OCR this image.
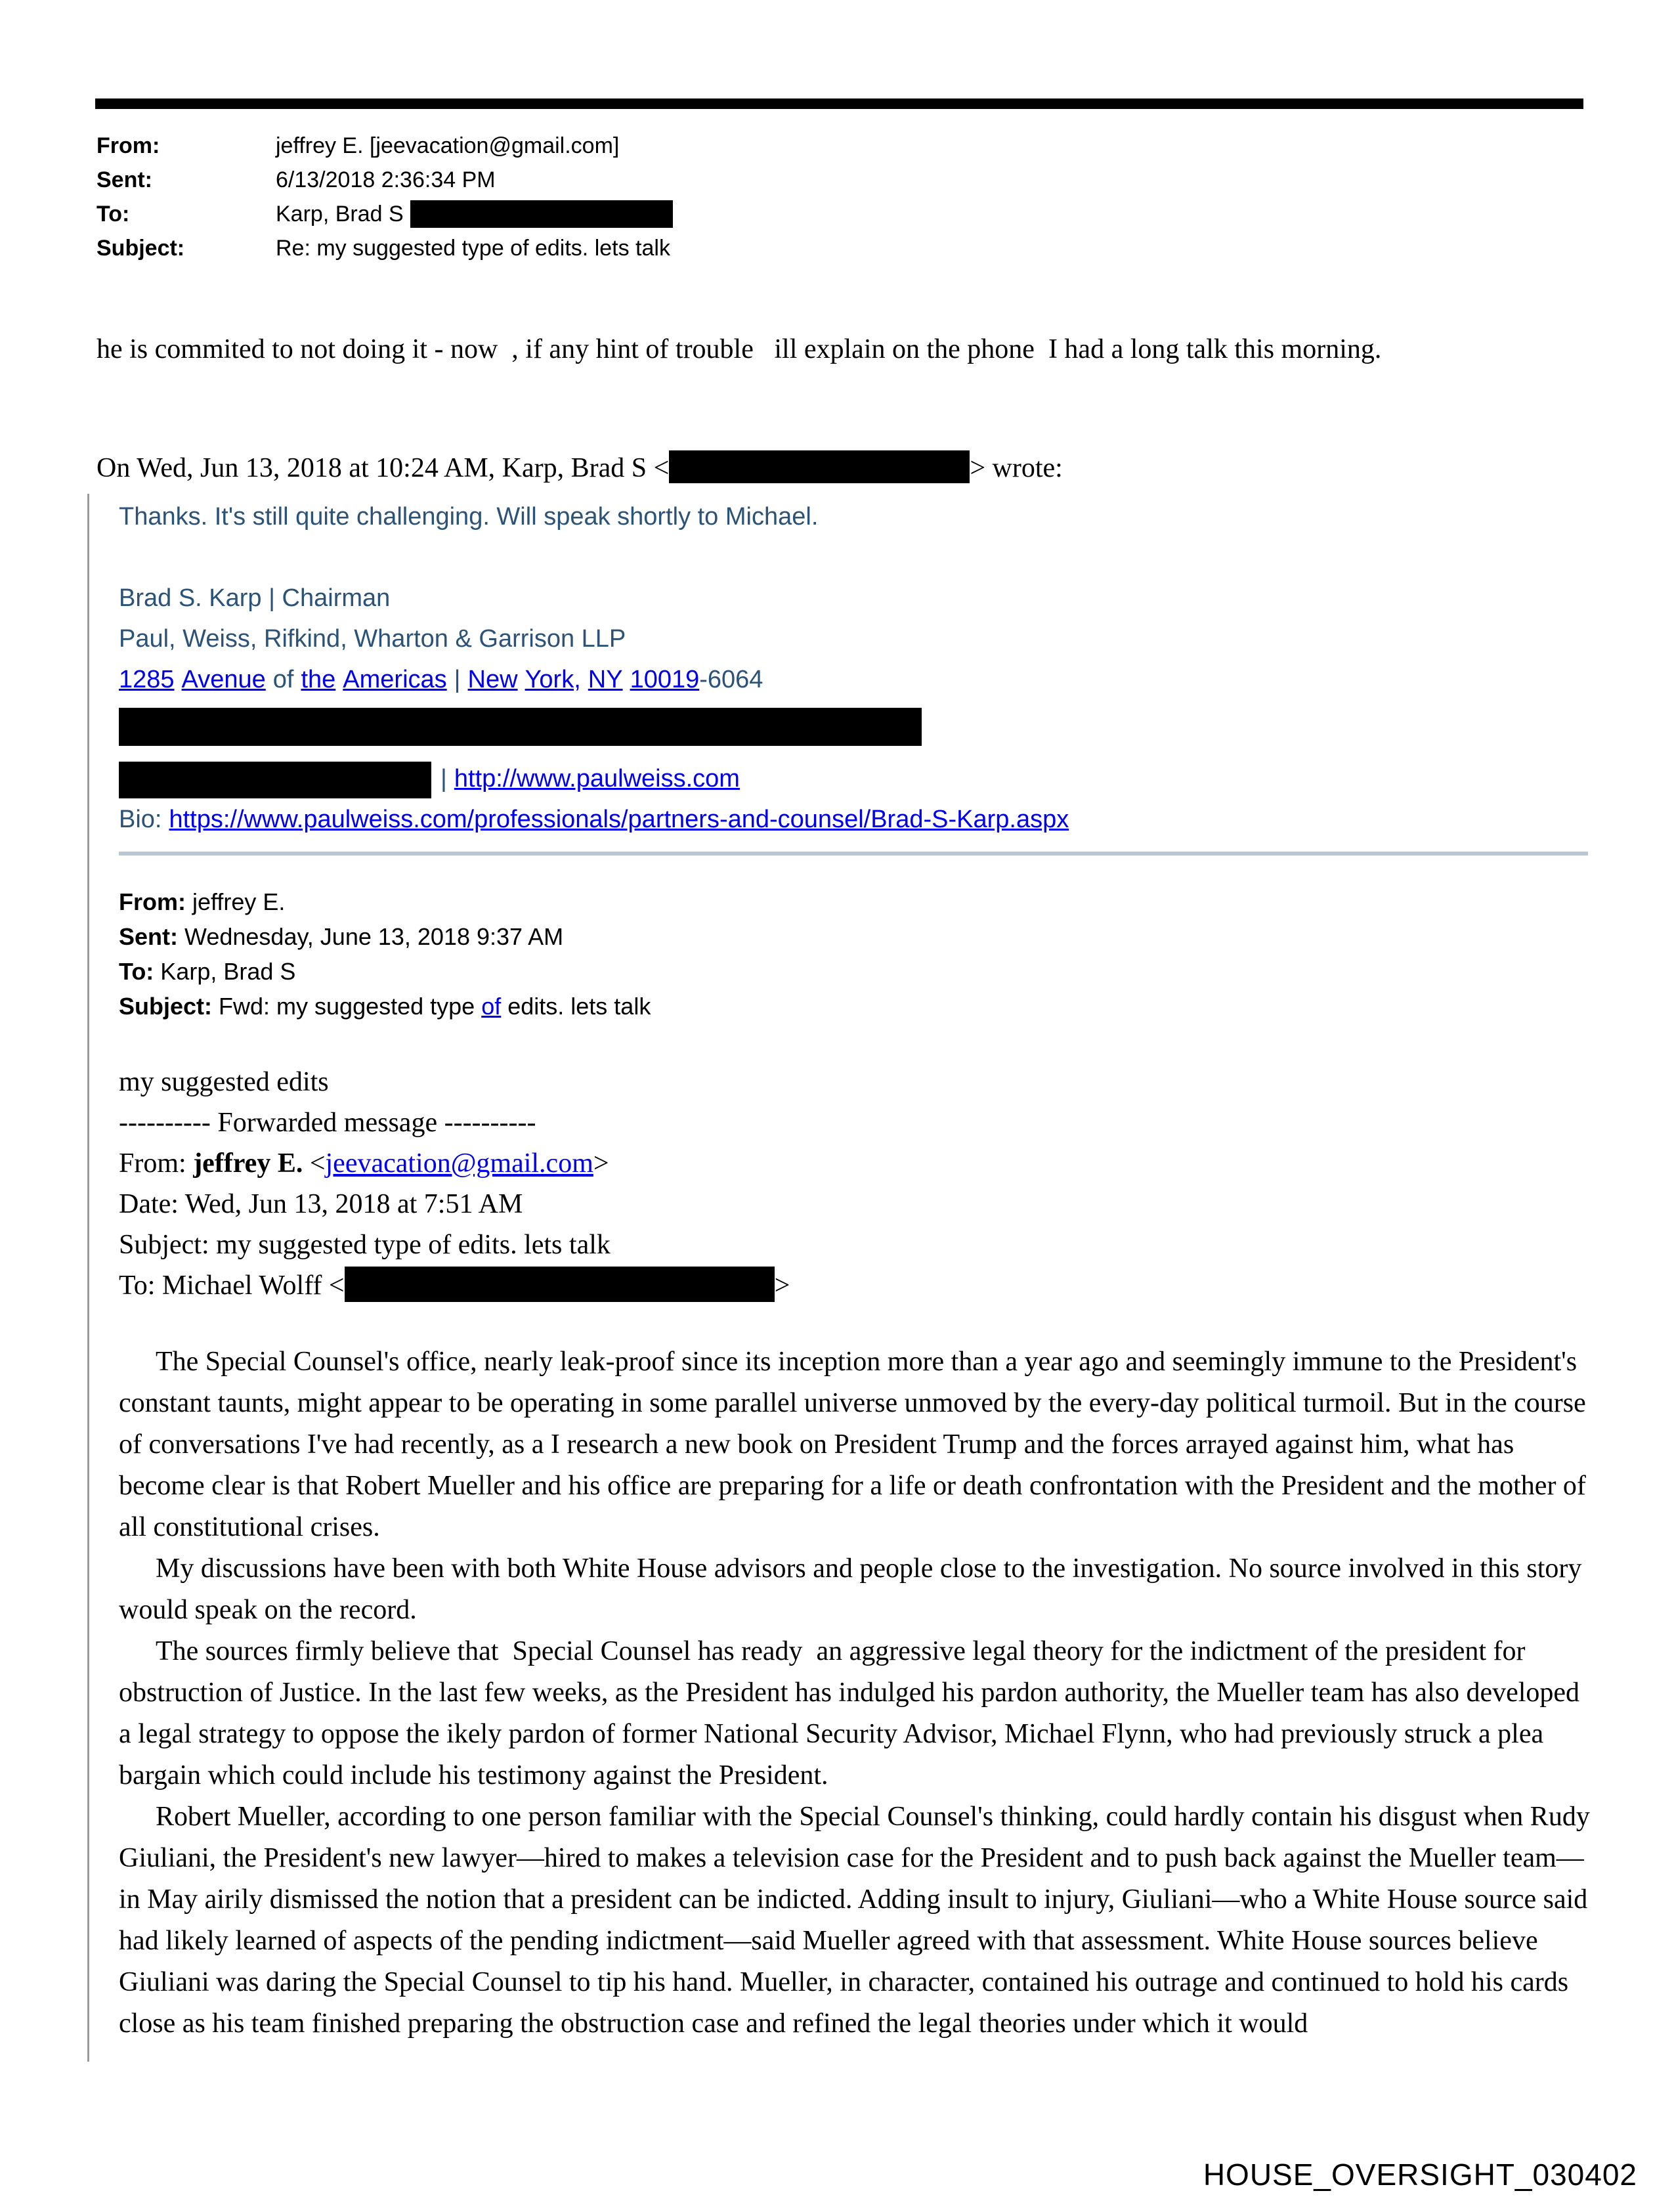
From:	jeffrey E. [jeevacation@gmail.com]
Sent:	6/13/2018 2:36:34 PM
To:	Karp, Brad S
Subject:	Re: my suggested type of edits. lets talk
he is commited to not doing it - now  , if any hint of trouble   ill explain on the phone  I had a long talk this morning.
On Wed, Jun 13, 2018 at 10:24 AM, Karp, Brad S <	> wrote:

Thanks. It's still quite challenging. Will speak shortly to Michael.

Brad S. Karp | Chairman

Paul, Weiss, Rifkind, Wharton & Garrison LLP

1285 Avenue of the Americas | New York, NY 10019-6064

| http://www.paulweiss.com

Bio: https://www.paulweiss.com/professionals/partners-and-counsel/Brad-S-Karp.aspx

From: jeffrey E.

Sent: Wednesday, June 13, 2018 9:37 AM

To: Karp, Brad S

Subject: Fwd: my suggested type of edits. lets talk

my suggested edits

---------- Forwarded message ----------

From: jeffrey E. <jeevacation@gmail.com>

Date: Wed, Jun 13, 2018 at 7:51 AM

Subject: my suggested type of edits. lets talk

To: Michael Wolff <	>

The Special Counsel's office, nearly leak-proof since its inception more than a year ago and seemingly immune to the President's constant taunts, might appear to be operating in some parallel universe unmoved by the every-day political turmoil. But in the course of conversations I've had recently, as a I research a new book on President Trump and the forces arrayed against him, what has become clear is that Robert Mueller and his office are preparing for a life or death confrontation with the President and the mother of all constitutional crises.

My discussions have been with both White House advisors and people close to the investigation. No source involved in this story would speak on the record.

The sources firmly believe that  Special Counsel has ready  an aggressive legal theory for the indictment of the president for obstruction of Justice. In the last few weeks, as the President has indulged his pardon authority, the Mueller team has also developed a legal strategy to oppose the ikely pardon of former National Security Advisor, Michael Flynn, who had previously struck a plea bargain which could include his testimony against the President.

Robert Mueller, according to one person familiar with the Special Counsel's thinking, could hardly contain his disgust when Rudy Giuliani, the President's new lawyer—hired to makes a television case for the President and to push back against the Mueller team—in May airily dismissed the notion that a president can be indicted. Adding insult to injury, Giuliani—who a White House source said had likely learned of aspects of the pending indictment—said Mueller agreed with that assessment. White House sources believe Giuliani was daring the Special Counsel to tip his hand. Mueller, in character, contained his outrage and continued to hold his cards close as his team finished preparing the obstruction case and refined the legal theories under which it would

HOUSE_OVERSIGHT_030402
